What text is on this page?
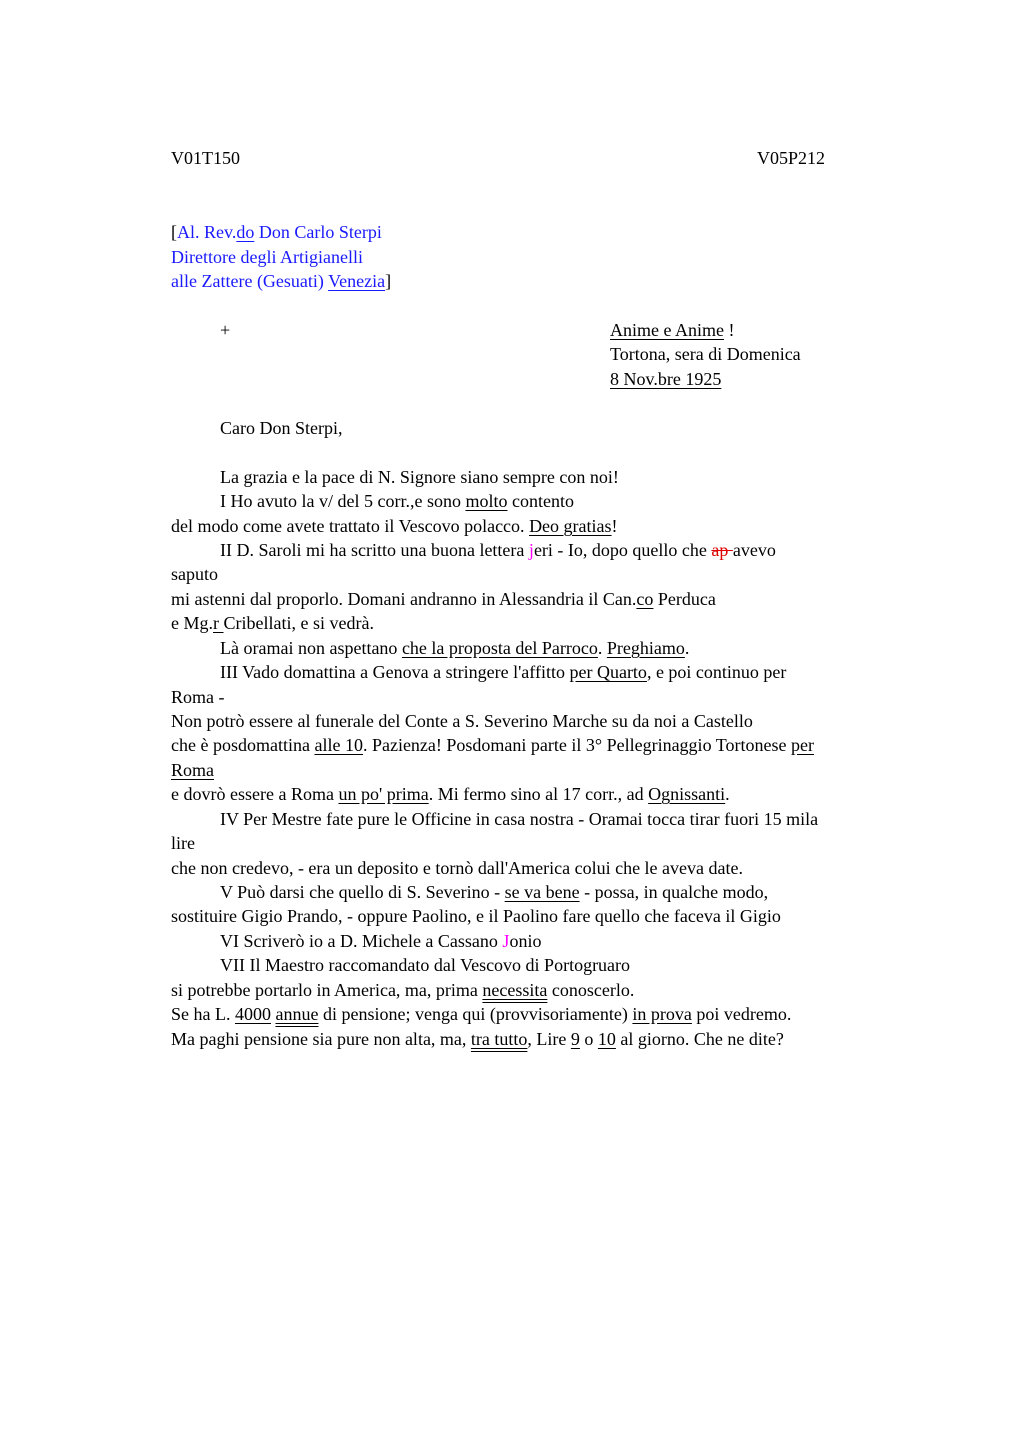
V01T150	V05P212
[Al. Rev.do Don Carlo Sterpi
Direttore degli Artigianelli
alle Zattere (Gesuati) Venezia]
+	Anime e Anime !
Tortona, sera di Domenica
8 Nov.bre 1925
Caro Don Sterpi,
La grazia e la pace di N. Signore siano sempre con noi!
I Ho avuto la v/ del 5 corr.,e sono molto contento
del modo come avete trattato il Vescovo polacco. Deo gratias!
II D. Saroli mi ha scritto una buona lettera jeri - Io, dopo quello che ap avevo
saputo
mi astenni dal proporlo. Domani andranno in Alessandria il Can.co Perduca
e Mg.r Cribellati, e si vedrà.
Là oramai non aspettano che la proposta del Parroco. Preghiamo.
III Vado domattina a Genova a stringere l'affitto per Quarto, e poi continuo per
Roma -
Non potrò essere al funerale del Conte a S. Severino Marche su da noi a Castello
che è posdomattina alle 10. Pazienza! Posdomani parte il 3° Pellegrinaggio Tortonese per
Roma
e dovrò essere a Roma un po' prima. Mi fermo sino al 17 corr., ad Ognissanti.
IV Per Mestre fate pure le Officine in casa nostra - Oramai tocca tirar fuori 15 mila
lire
che non credevo, - era un deposito e tornò dall'America colui che le aveva date.
V Può darsi che quello di S. Severino - se va bene - possa, in qualche modo,
sostituire Gigio Prando, - oppure Paolino, e il Paolino fare quello che faceva il Gigio
VI Scriverò io a D. Michele a Cassano Jonio
VII Il Maestro raccomandato dal Vescovo di Portogruaro
si potrebbe portarlo in America, ma, prima necessita conoscerlo.
Se ha L. 4000 annue di pensione; venga qui (provvisoriamente) in prova poi vedremo.
Ma paghi pensione sia pure non alta, ma, tra tutto, Lire 9 o 10 al giorno. Che ne dite?
